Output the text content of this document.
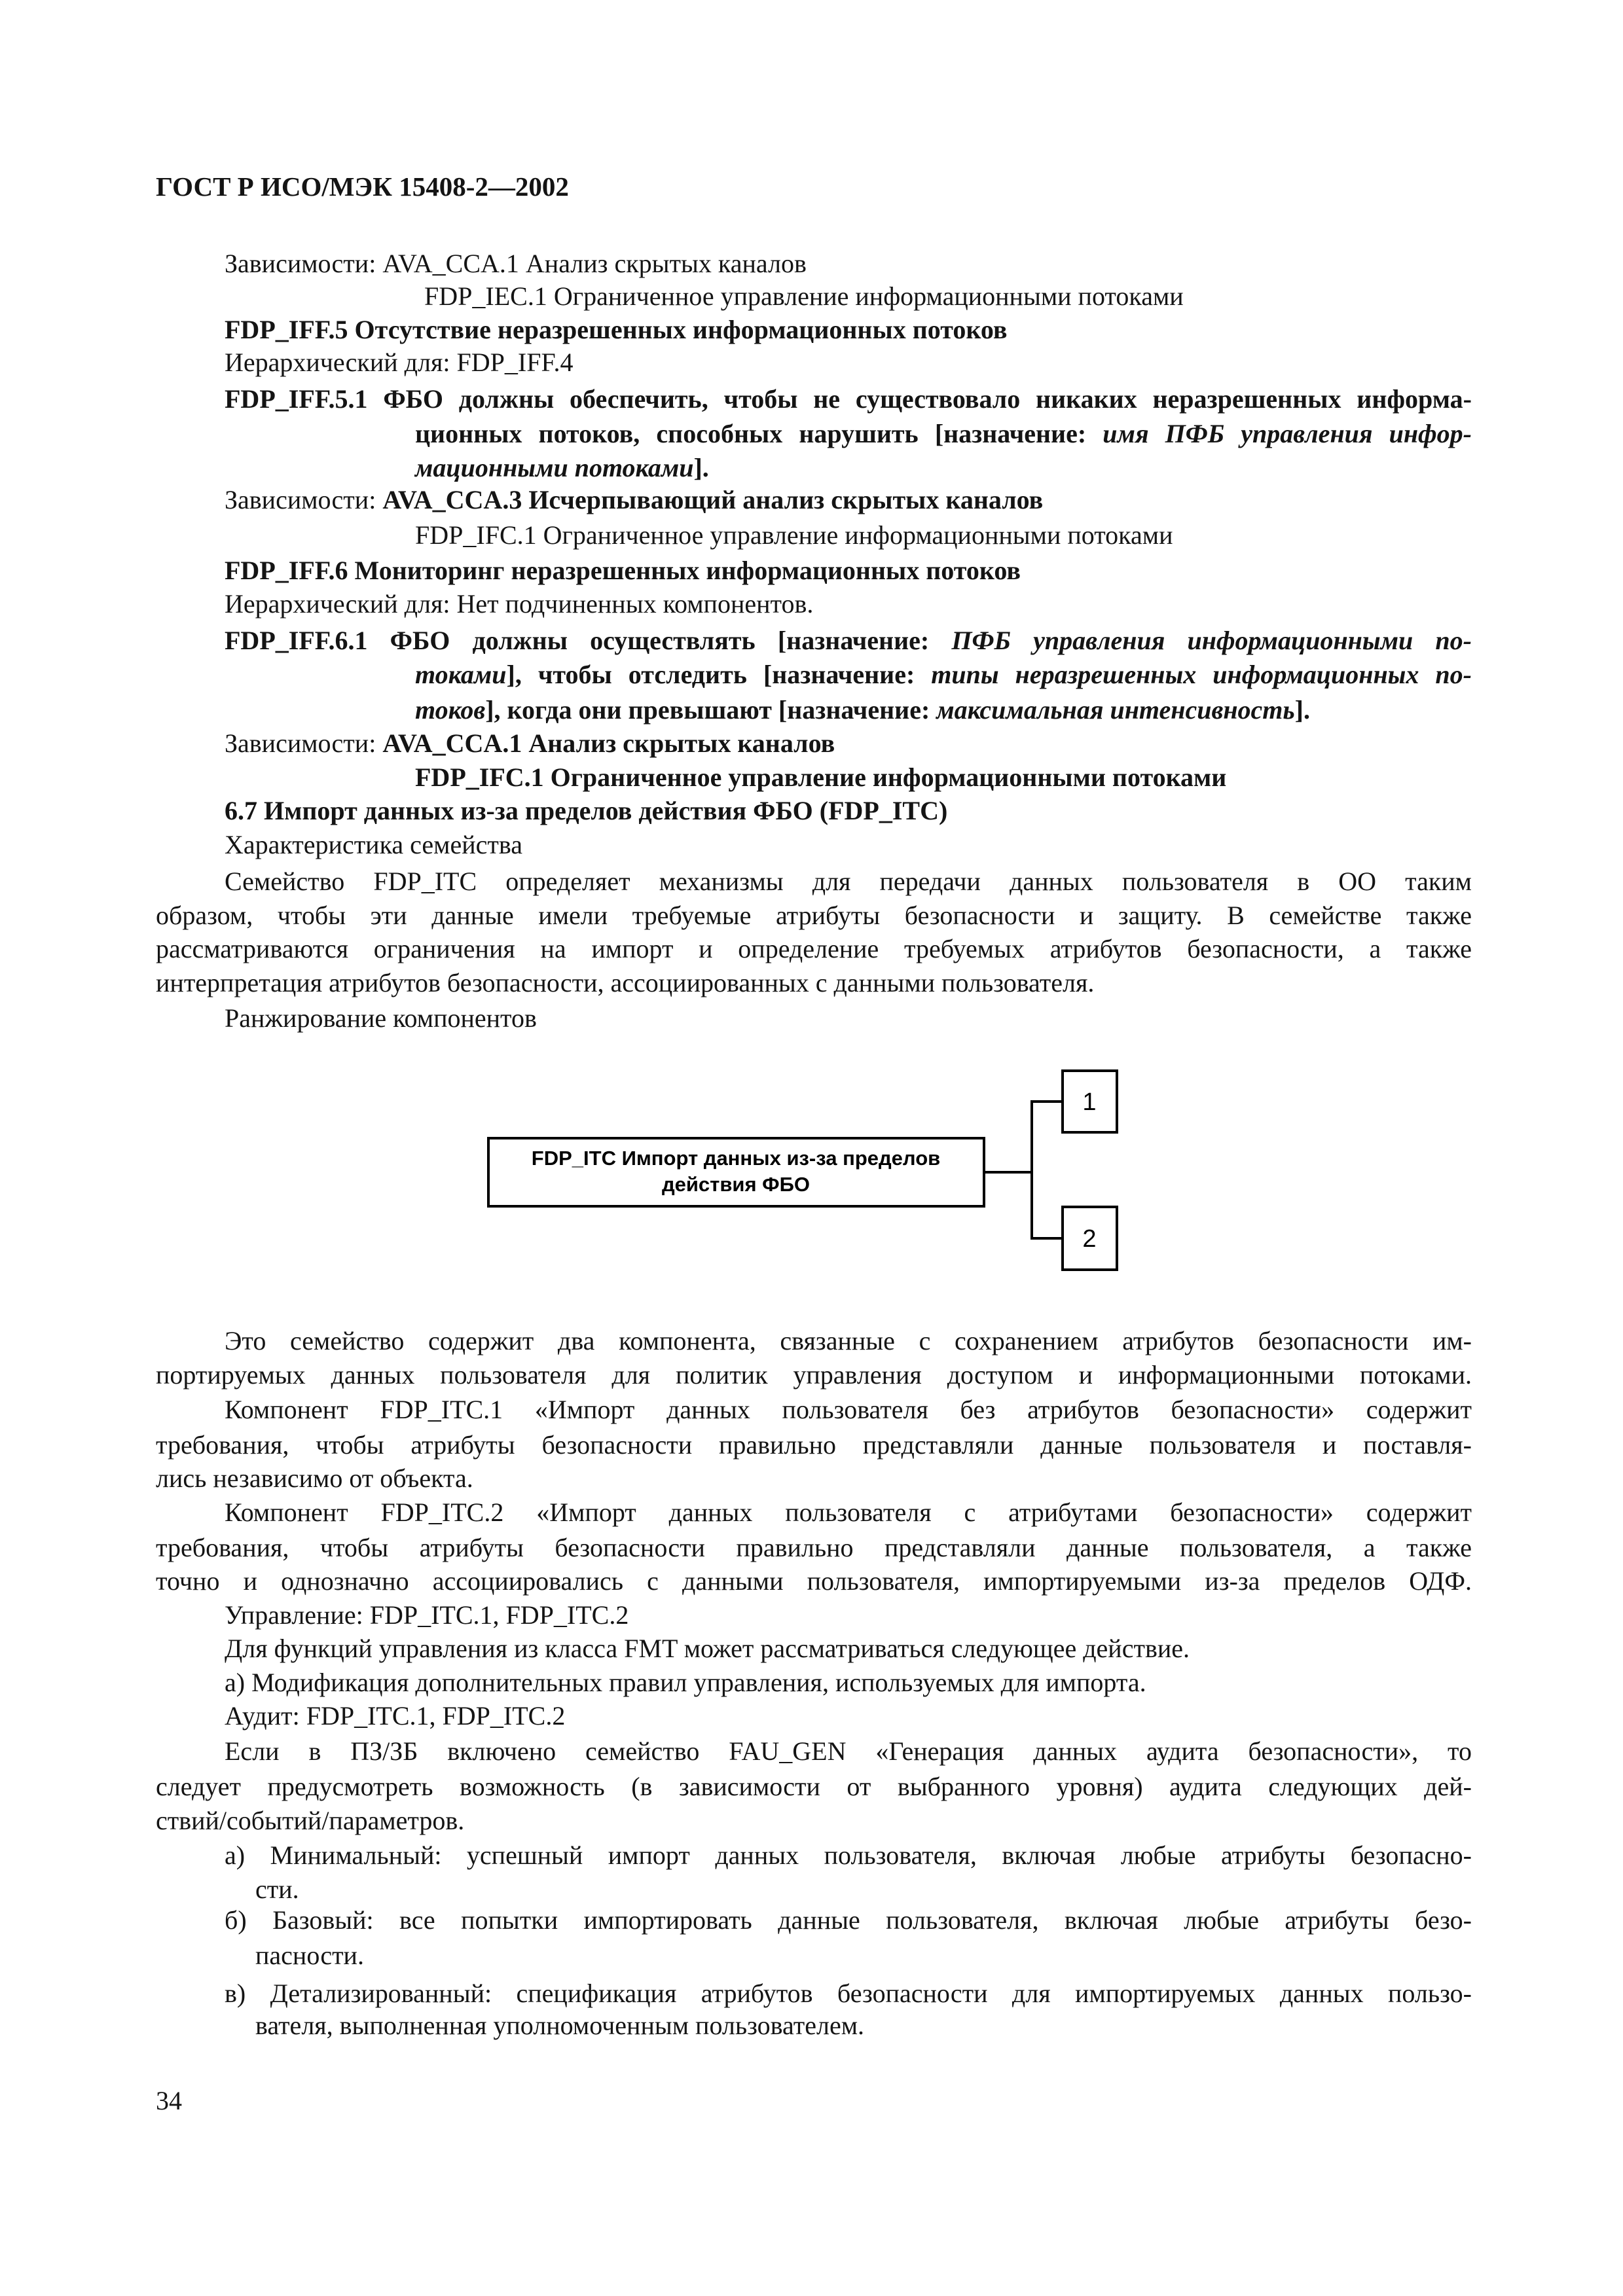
ГОСТ Р ИСО/МЭК 15408-2—2002
Зависимости: AVA_CCA.1 Анализ скрытых каналов
FDP_IEC.1 Ограниченное управление информационными потоками
FDP_IFF.5 Отсутствие неразрешенных информационных потоков
Иерархический для: FDP_IFF.4
FDP_IFF.5.1 ФБО должны обеспечить, чтобы не существовало никаких неразрешенных информа-
ционных потоков, способных нарушить [назначение: имя ПФБ управления инфор-
мационными потоками].
Зависимости: AVA_CCA.3 Исчерпывающий анализ скрытых каналов
FDP_IFC.1 Ограниченное управление информационными потоками
FDP_IFF.6 Мониторинг неразрешенных информационных потоков
Иерархический для: Нет подчиненных компонентов.
FDP_IFF.6.1 ФБО должны осуществлять [назначение: ПФБ управления информационными по-
токами], чтобы отследить [назначение: типы неразрешенных информационных по-
токов], когда они превышают [назначение: максимальная интенсивность].
Зависимости: AVA_CCA.1 Анализ скрытых каналов
FDP_IFC.1 Ограниченное управление информационными потоками
6.7 Импорт данных из-за пределов действия ФБО (FDP_ITC)
Характеристика семейства
Семейство FDP_ITC определяет механизмы для передачи данных пользователя в ОО таким
образом, чтобы эти данные имели требуемые атрибуты безопасности и защиту. В семействе также
рассматриваются ограничения на импорт и определение требуемых атрибутов безопасности, а также
интерпретация атрибутов безопасности, ассоциированных с данными пользователя.
Ранжирование компонентов
FDP_ITC Импорт данных из-за пределов
действия ФБО
1
2
Это семейство содержит два компонента, связанные с сохранением атрибутов безопасности им-
портируемых данных пользователя для политик управления доступом и информационными потоками.
Компонент FDP_ITC.1 «Импорт данных пользователя без атрибутов безопасности» содержит
требования, чтобы атрибуты безопасности правильно представляли данные пользователя и поставля-
лись независимо от объекта.
Компонент FDP_ITC.2 «Импорт данных пользователя с атрибутами безопасности» содержит
требования, чтобы атрибуты безопасности правильно представляли данные пользователя, а также
точно и однозначно ассоциировались с данными пользователя, импортируемыми из-за пределов ОДФ.
Управление: FDP_ITC.1, FDP_ITC.2
Для функций управления из класса FMT может рассматриваться следующее действие.
а) Модификация дополнительных правил управления, используемых для импорта.
Аудит: FDP_ITC.1, FDP_ITC.2
Если в ПЗ/ЗБ включено семейство FAU_GEN «Генерация данных аудита безопасности», то
следует предусмотреть возможность (в зависимости от выбранного уровня) аудита следующих дей-
ствий/событий/параметров.
а) Минимальный: успешный импорт данных пользователя, включая любые атрибуты безопасно-
сти.
б) Базовый: все попытки импортировать данные пользователя, включая любые атрибуты безо-
пасности.
в) Детализированный: спецификация атрибутов безопасности для импортируемых данных пользо-
вателя, выполненная уполномоченным пользователем.
34
